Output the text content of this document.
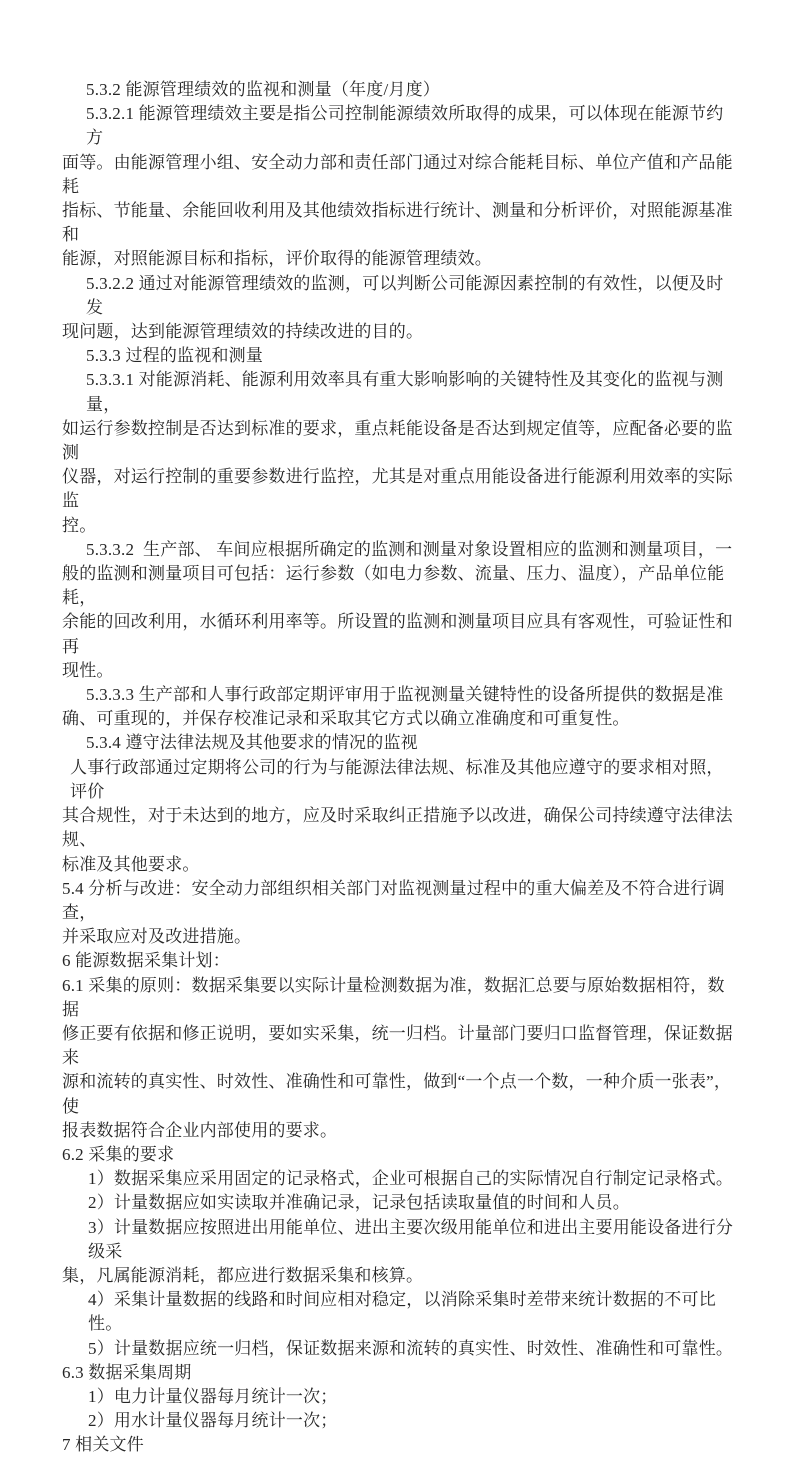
5.3.2 能源管理绩效的监视和测量（年度/月度）
5.3.2.1 能源管理绩效主要是指公司控制能源绩效所取得的成果，可以体现在能源节约方
面等。由能源管理小组、安全动力部和责任部门通过对综合能耗目标、单位产值和产品能耗
指标、节能量、余能回收利用及其他绩效指标进行统计、测量和分析评价，对照能源基准和
能源，对照能源目标和指标，评价取得的能源管理绩效。
5.3.2.2 通过对能源管理绩效的监测，可以判断公司能源因素控制的有效性，以便及时发
现问题，达到能源管理绩效的持续改进的目的。
5.3.3 过程的监视和测量
5.3.3.1 对能源消耗、能源利用效率具有重大影响影响的关键特性及其变化的监视与测量，
如运行参数控制是否达到标准的要求，重点耗能设备是否达到规定值等，应配备必要的监测
仪器，对运行控制的重要参数进行监控，尤其是对重点用能设备进行能源利用效率的实际监
控。
5.3.3.2  生产部、 车间应根据所确定的监测和测量对象设置相应的监测和测量项目，一
般的监测和测量项目可包括：运行参数（如电力参数、流量、压力、温度），产品单位能耗，
余能的回改利用，水循环利用率等。所设置的监测和测量项目应具有客观性，可验证性和再
现性。
5.3.3.3 生产部和人事行政部定期评审用于监视测量关键特性的设备所提供的数据是准
确、可重现的，并保存校准记录和采取其它方式以确立准确度和可重复性。
5.3.4 遵守法律法规及其他要求的情况的监视
人事行政部通过定期将公司的行为与能源法律法规、标准及其他应遵守的要求相对照，评价
其合规性，对于未达到的地方，应及时采取纠正措施予以改进，确保公司持续遵守法律法规、
标准及其他要求。
5.4 分析与改进：安全动力部组织相关部门对监视测量过程中的重大偏差及不符合进行调查，
并采取应对及改进措施。
6 能源数据采集计划：
6.1 采集的原则：数据采集要以实际计量检测数据为准，数据汇总要与原始数据相符，数据
修正要有依据和修正说明，要如实采集，统一归档。计量部门要归口监督管理，保证数据来
源和流转的真实性、时效性、准确性和可靠性，做到“一个点一个数，一种介质一张表”，使
报表数据符合企业内部使用的要求。
6.2 采集的要求
1）数据采集应采用固定的记录格式，企业可根据自己的实际情况自行制定记录格式。
2）计量数据应如实读取并准确记录，记录包括读取量值的时间和人员。
3）计量数据应按照进出用能单位、进出主要次级用能单位和进出主要用能设备进行分级采
集，凡属能源消耗，都应进行数据采集和核算。
4）采集计量数据的线路和时间应相对稳定，以消除采集时差带来统计数据的不可比性。
5）计量数据应统一归档，保证数据来源和流转的真实性、时效性、准确性和可靠性。
6.3 数据采集周期
1）电力计量仪器每月统计一次；
2）用水计量仪器每月统计一次；
7 相关文件
